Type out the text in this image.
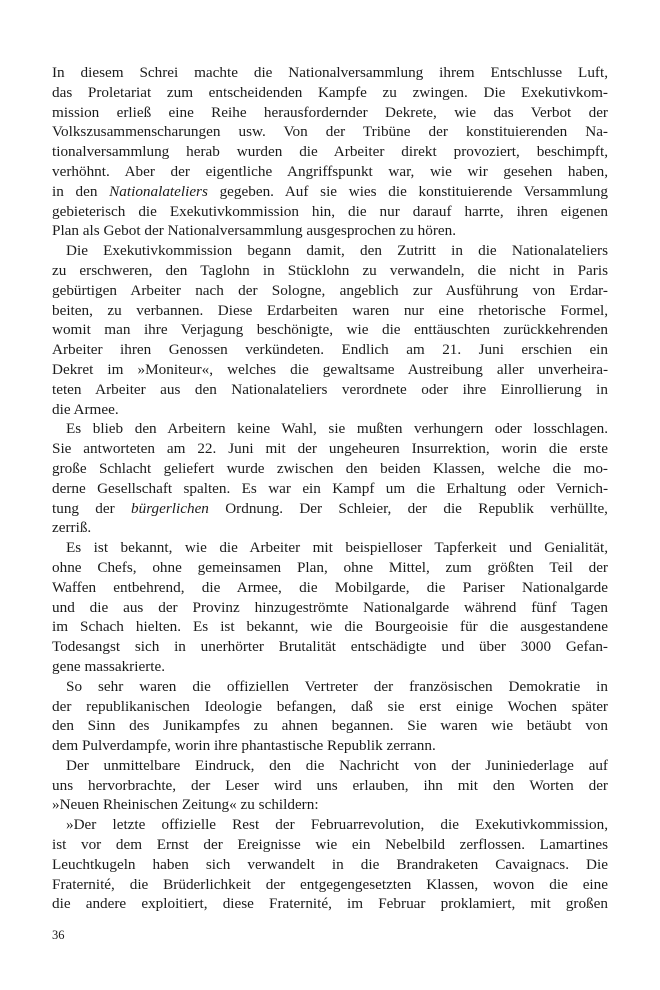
In diesem Schrei machte die Nationalversammlung ihrem Entschlusse Luft,
das Proletariat zum entscheidenden Kampfe zu zwingen. Die Exekutivkom-
mission erließ eine Reihe herausfordernder Dekrete, wie das Verbot der
Volkszusammenscharungen usw. Von der Tribüne der konstituierenden Na-
tionalversammlung herab wurden die Arbeiter direkt provoziert, beschimpft,
verhöhnt. Aber der eigentliche Angriffspunkt war, wie wir gesehen haben,
in den Nationalateliers gegeben. Auf sie wies die konstituierende Versammlung
gebieterisch die Exekutivkommission hin, die nur darauf harrte, ihren eigenen
Plan als Gebot der Nationalversammlung ausgesprochen zu hören.
Die Exekutivkommission begann damit, den Zutritt in die Nationalateliers
zu erschweren, den Taglohn in Stücklohn zu verwandeln, die nicht in Paris
gebürtigen Arbeiter nach der Sologne, angeblich zur Ausführung von Erdar-
beiten, zu verbannen. Diese Erdarbeiten waren nur eine rhetorische Formel,
womit man ihre Verjagung beschönigte, wie die enttäuschten zurückkehrenden
Arbeiter ihren Genossen verkündeten. Endlich am 21. Juni erschien ein
Dekret im »Moniteur«, welches die gewaltsame Austreibung aller unverheira-
teten Arbeiter aus den Nationalateliers verordnete oder ihre Einrollierung in
die Armee.
Es blieb den Arbeitern keine Wahl, sie mußten verhungern oder losschlagen.
Sie antworteten am 22. Juni mit der ungeheuren Insurrektion, worin die erste
große Schlacht geliefert wurde zwischen den beiden Klassen, welche die mo-
derne Gesellschaft spalten. Es war ein Kampf um die Erhaltung oder Vernich-
tung der bürgerlichen Ordnung. Der Schleier, der die Republik verhüllte,
zerriß.
Es ist bekannt, wie die Arbeiter mit beispielloser Tapferkeit und Genialität,
ohne Chefs, ohne gemeinsamen Plan, ohne Mittel, zum größten Teil der
Waffen entbehrend, die Armee, die Mobilgarde, die Pariser Nationalgarde
und die aus der Provinz hinzugeströmte Nationalgarde während fünf Tagen
im Schach hielten. Es ist bekannt, wie die Bourgeoisie für die ausgestandene
Todesangst sich in unerhörter Brutalität entschädigte und über 3000 Gefan-
gene massakrierte.
So sehr waren die offiziellen Vertreter der französischen Demokratie in
der republikanischen Ideologie befangen, daß sie erst einige Wochen später
den Sinn des Junikampfes zu ahnen begannen. Sie waren wie betäubt von
dem Pulverdampfe, worin ihre phantastische Republik zerrann.
Der unmittelbare Eindruck, den die Nachricht von der Juniniederlage auf
uns hervorbrachte, der Leser wird uns erlauben, ihn mit den Worten der
»Neuen Rheinischen Zeitung« zu schildern:
»Der letzte offizielle Rest der Februarrevolution, die Exekutivkommission,
ist vor dem Ernst der Ereignisse wie ein Nebelbild zerflossen. Lamartines
Leuchtkugeln haben sich verwandelt in die Brandraketen Cavaignacs. Die
Fraternité, die Brüderlichkeit der entgegengesetzten Klassen, wovon die eine
die andere exploitiert, diese Fraternité, im Februar proklamiert, mit großen
36
